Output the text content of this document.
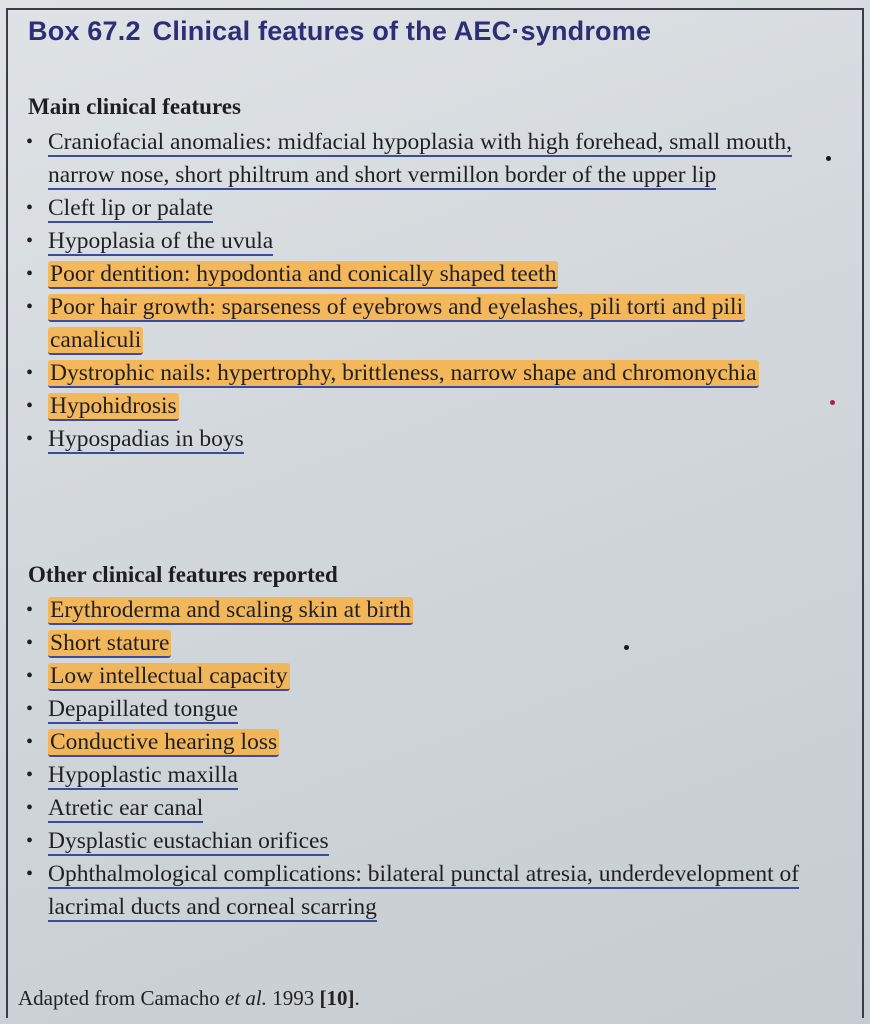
Box 67.2 Clinical features of the AEC·syndrome
Main clinical features
• Craniofacial anomalies: midfacial hypoplasia with high forehead, small mouth, narrow nose, short philtrum and short vermillon border of the upper lip
• Cleft lip or palate
• Hypoplasia of the uvula
• Poor dentition: hypodontia and conically shaped teeth
• Poor hair growth: sparseness of eyebrows and eyelashes, pili torti and pili canaliculi
• Dystrophic nails: hypertrophy, brittleness, narrow shape and chromonychia
• Hypohidrosis
• Hypospadias in boys
Other clinical features reported
• Erythroderma and scaling skin at birth
• Short stature
• Low intellectual capacity
• Depapillated tongue
• Conductive hearing loss
• Hypoplastic maxilla
• Atretic ear canal
• Dysplastic eustachian orifices
• Ophthalmological complications: bilateral punctal atresia, underdevelopment of lacrimal ducts and corneal scarring

Adapted from Camacho et al. 1993 [10].
